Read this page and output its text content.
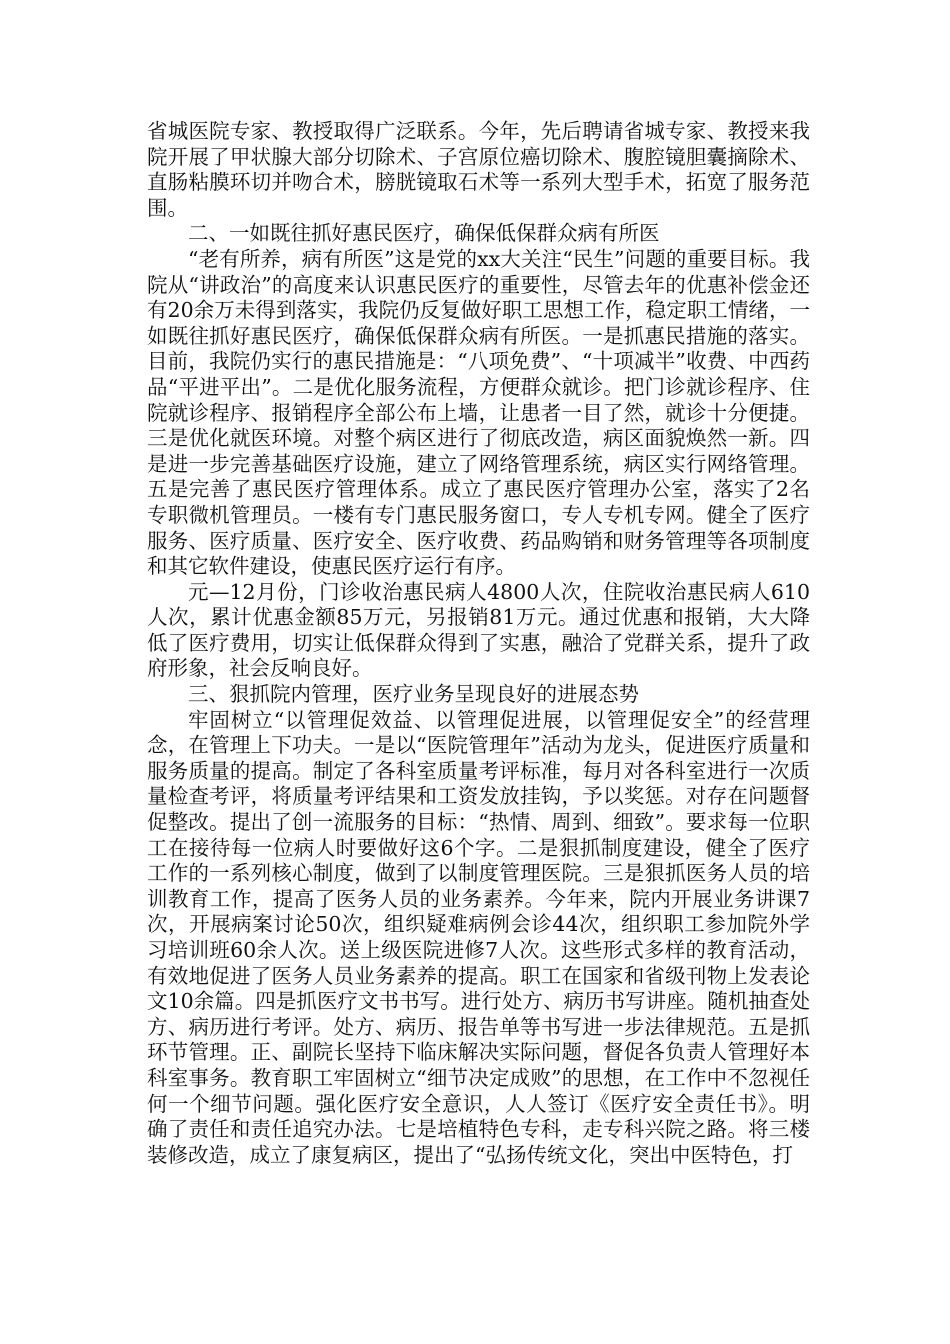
省城医院专家、教授取得广泛联系。今年，先后聘请省城专家、教授来我院开展了甲状腺大部分切除术、子宫原位癌切除术、腹腔镜胆囊摘除术、直肠粘膜环切并吻合术，膀胱镜取石术等一系列大型手术，拓宽了服务范围。

二、一如既往抓好惠民医疗，确保低保群众病有所医

“老有所养，病有所医”这是党的xx大关注“民生”问题的重要目标。我院从“讲政治”的高度来认识惠民医疗的重要性，尽管去年的优惠补偿金还有20余万未得到落实，我院仍反复做好职工思想工作，稳定职工情绪，一如既往抓好惠民医疗，确保低保群众病有所医。一是抓惠民措施的落实。目前，我院仍实行的惠民措施是：“八项免费”、“十项减半”收费、中西药品“平进平出”。二是优化服务流程，方便群众就诊。把门诊就诊程序、住院就诊程序、报销程序全部公布上墙，让患者一目了然，就诊十分便捷。三是优化就医环境。对整个病区进行了彻底改造，病区面貌焕然一新。四是进一步完善基础医疗设施，建立了网络管理系统，病区实行网络管理。五是完善了惠民医疗管理体系。成立了惠民医疗管理办公室，落实了2名专职微机管理员。一楼有专门惠民服务窗口，专人专机专网。健全了医疗服务、医疗质量、医疗安全、医疗收费、药品购销和财务管理等各项制度和其它软件建设，使惠民医疗运行有序。

元—12月份，门诊收治惠民病人4800人次，住院收治惠民病人610人次，累计优惠金额85万元，另报销81万元。通过优惠和报销，大大降低了医疗费用，切实让低保群众得到了实惠，融洽了党群关系，提升了政府形象，社会反响良好。

三、狠抓院内管理，医疗业务呈现良好的进展态势

牢固树立“以管理促效益、以管理促进展，以管理促安全”的经营理念，在管理上下功夫。一是以“医院管理年”活动为龙头，促进医疗质量和服务质量的提高。制定了各科室质量考评标准，每月对各科室进行一次质量检查考评，将质量考评结果和工资发放挂钩，予以奖惩。对存在问题督促整改。提出了创一流服务的目标：“热情、周到、细致”。要求每一位职工在接待每一位病人时要做好这6个字。二是狠抓制度建设，健全了医疗工作的一系列核心制度，做到了以制度管理医院。三是狠抓医务人员的培训教育工作，提高了医务人员的业务素养。今年来，院内开展业务讲课7次，开展病案讨论50次，组织疑难病例会诊44次，组织职工参加院外学习培训班60余人次。送上级医院进修7人次。这些形式多样的教育活动，有效地促进了医务人员业务素养的提高。职工在国家和省级刊物上发表论文10余篇。四是抓医疗文书书写。进行处方、病历书写讲座。随机抽查处方、病历进行考评。处方、病历、报告单等书写进一步法律规范。五是抓环节管理。正、副院长坚持下临床解决实际问题，督促各负责人管理好本科室事务。教育职工牢固树立“细节决定成败”的思想，在工作中不忽视任何一个细节问题。强化医疗安全意识，人人签订《医疗安全责任书》。明确了责任和责任追究办法。七是培植特色专科，走专科兴院之路。将三楼装修改造，成立了康复病区，提出了“弘扬传统文化，突出中医特色，打
